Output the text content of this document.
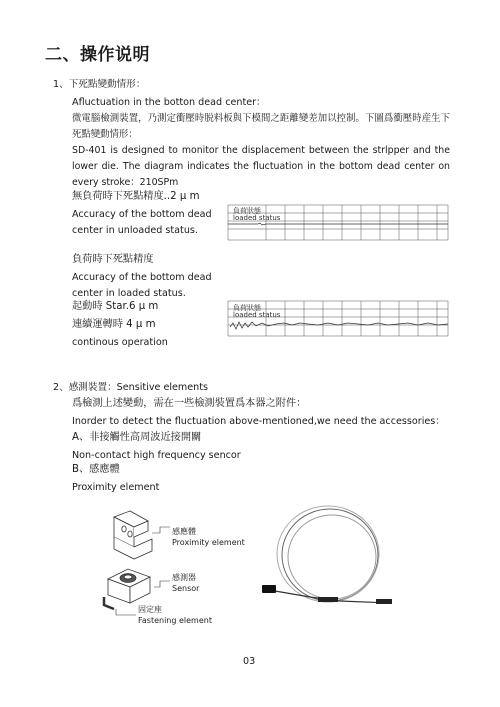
二、操作说明
1、下死點變動情形：
Afluctuation in the botton dead center：
微電腦檢測裝置，乃測定衝壓時脱料板與下模間之距離變差加以控制。下圖爲衝壓時産生下死點變動情形：
SD-401 is designed to monitor the displacement between the strlpper and the lower die. The diagram indicates the fluctuation in the bottom dead center on every stroke：210SPm
無負荷時下死點精度..2 μ m
Accuracy of the bottom dead
center in unloaded status.
負荷時下死點精度
Accuracy of the bottom dead
center in loaded status.
起動時 Star.6 μ m
連續運轉時 4 μ m
continous operation
負荷狀態
loaded status
負荷狀態
loaded status
2、感測裝置：Sensitive elements
爲檢測上述變動，需在一些檢測裝置爲本器之附件：
Inorder to detect the fluctuation above-mentioned,we need the accessories：
A、非接觸性高周波近接開關
Non-contact high frequency sencor
B、感應體
Proximity element
感應體
Proximity element
感測器
Sensor
固定座
Fastening element
03
